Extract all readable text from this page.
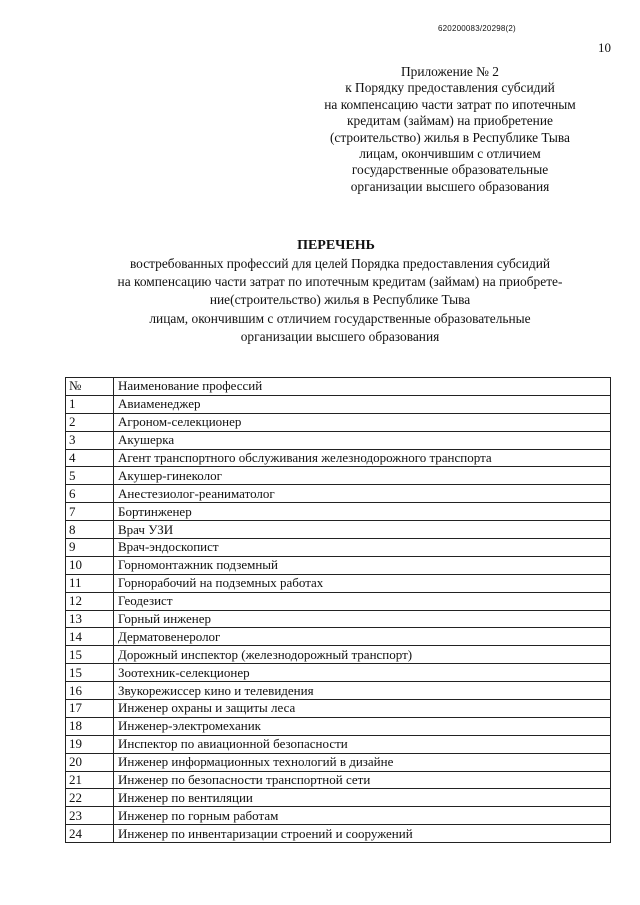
620200083/20298(2)
10
Приложение № 2
к Порядку предоставления субсидий
на компенсацию части затрат по ипотечным
кредитам (займам) на приобретение
(строительство) жилья в Республике Тыва
лицам, окончившим с отличием
государственные образовательные
организации высшего образования
ПЕРЕЧЕНЬ
востребованных профессий для целей Порядка предоставления субсидий
на компенсацию части затрат по ипотечным кредитам (займам) на приобрете-
ние(строительство) жилья в Республике Тыва
лицам, окончившим с отличием государственные образовательные
организации высшего образования
№	Наименование профессий
1	Авиаменеджер
2	Агроном-селекционер
3	Акушерка
4	Агент транспортного обслуживания железнодорожного транспорта
5	Акушер-гинеколог
6	Анестезиолог-реаниматолог
7	Бортинженер
8	Врач УЗИ
9	Врач-эндоскопист
10	Горномонтажник подземный
11	Горнорабочий на подземных работах
12	Геодезист
13	Горный инженер
14	Дерматовенеролог
15	Дорожный инспектор (железнодорожный транспорт)
15	Зоотехник-селекционер
16	Звукорежиссер кино и телевидения
17	Инженер охраны и защиты леса
18	Инженер-электромеханик
19	Инспектор по авиационной безопасности
20	Инженер информационных технологий в дизайне
21	Инженер по безопасности транспортной сети
22	Инженер по вентиляции
23	Инженер по горным работам
24	Инженер по инвентаризации строений и сооружений
